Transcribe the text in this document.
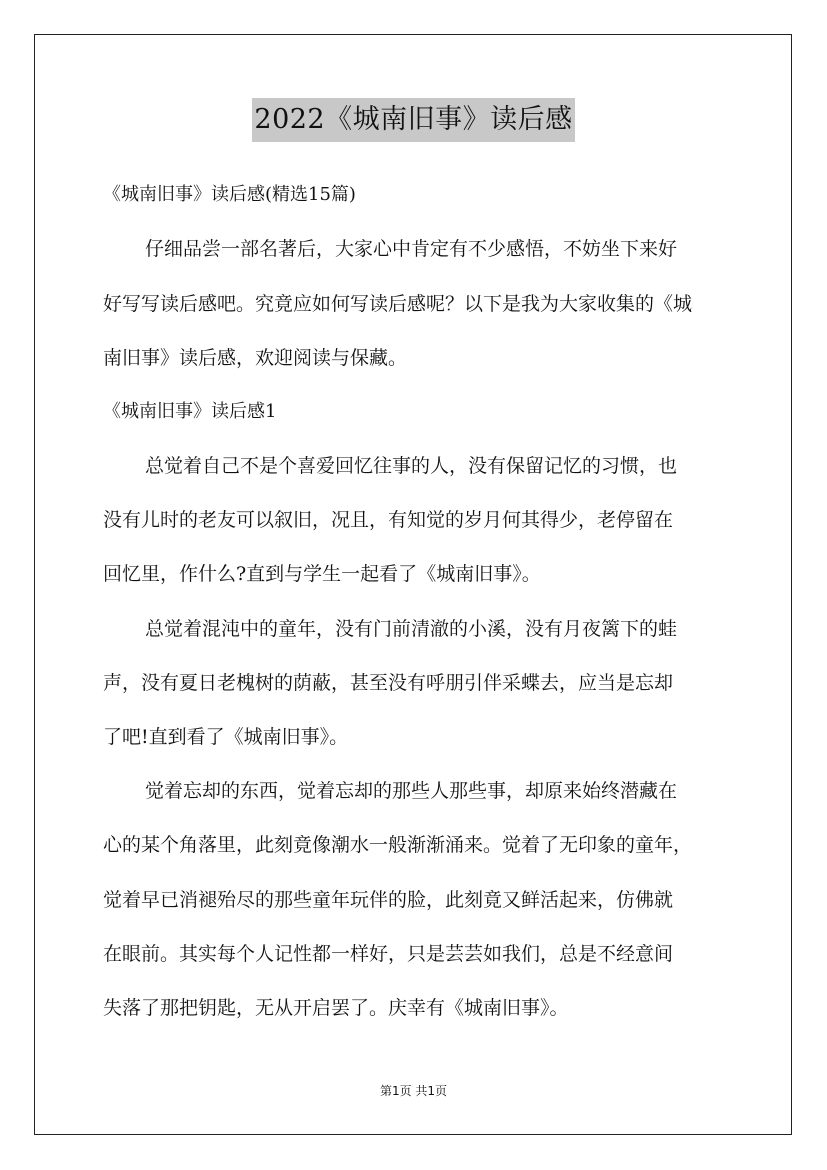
2022《城南旧事》读后感
《城南旧事》读后感(精选15篇)
仔细品尝一部名著后，大家心中肯定有不少感悟，不妨坐下来好
好写写读后感吧。究竟应如何写读后感呢？以下是我为大家收集的《城
南旧事》读后感，欢迎阅读与保藏。
《城南旧事》读后感1
总觉着自己不是个喜爱回忆往事的人，没有保留记忆的习惯，也
没有儿时的老友可以叙旧，况且，有知觉的岁月何其得少，老停留在
回忆里，作什么?直到与学生一起看了《城南旧事》。
总觉着混沌中的童年，没有门前清澈的小溪，没有月夜篱下的蛙
声，没有夏日老槐树的荫蔽，甚至没有呼朋引伴采蝶去，应当是忘却
了吧!直到看了《城南旧事》。
觉着忘却的东西，觉着忘却的那些人那些事，却原来始终潜藏在
心的某个角落里，此刻竟像潮水一般渐渐涌来。觉着了无印象的童年，
觉着早已消褪殆尽的那些童年玩伴的脸，此刻竟又鲜活起来，仿佛就
在眼前。其实每个人记性都一样好，只是芸芸如我们，总是不经意间
失落了那把钥匙，无从开启罢了。庆幸有《城南旧事》。
第1页 共1页
